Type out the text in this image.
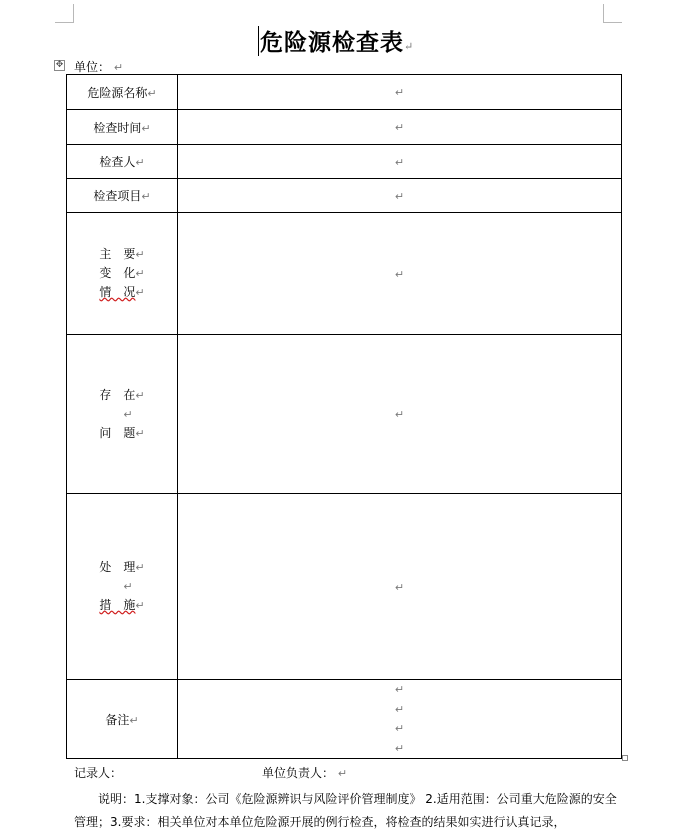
危险源检查表↵
✥ 单位： ↵
危险源名称↵	↵
检查时间↵	↵
检查人↵	↵
检查项目↵	↵

主　要↵
变　化↵
情　况↵	↵

存　在↵
↵
问　题↵	↵

处　理↵
↵
措　施↵	↵
备注↵	↵
↵
↵
↵
记录人：	单位负责人： ↵

说明：1.支撑对象：公司《危险源辨识与风险评价管理制度》 2.适用范围：公司重大危险源的安全管理；3.要求：相关单位对本单位危险源开展的例行检查，将检查的结果如实进行认真记录，
